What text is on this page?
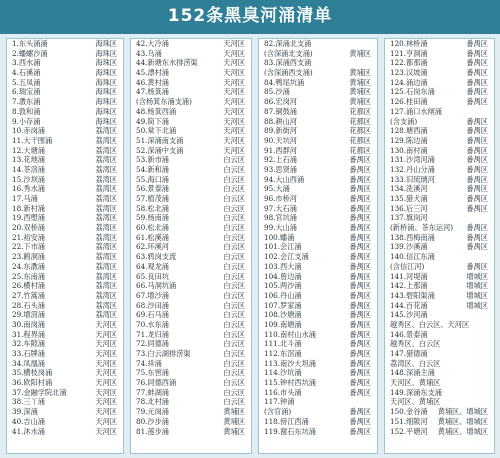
152条黑臭河涌清单
1.东头涌涌	海珠区
2.蟠螺沙涌	海珠区
3.西水涌	海珠区
4.石溪涌	海珠区
5.五凤涌	海珠区
6.瑞宝涌	海珠区
7.漖东涌	海珠区
8.敦和涌	海珠区
9.小存涌	海珠区
10.赤岗涌	荔湾区
11.大干围涌	荔湾区
12.大塘涌	荔湾区
13.花地涌	荔湾区
14.茶滘涌	荔湾区
15.沙坝涌	荔湾区
16.秀水涌	荔湾区
17.马涌	荔湾区
18.新村涌	荔湾区
19.西塱涌	荔湾区
20.双桥涌	荔湾区
21.裕安涌	荔湾区
22.下市涌	荔湾区
23.鹤洞涌	荔湾区
24.东漖涌	荔湾区
25.东南涌	荔湾区
26.横村涌	荔湾区
27.竹篙涌	荔湾区
28.石头涌	荔湾区
29.增滘涌	荔湾区
30.南岗涌	天河区
31.程界涌	天河区
32.车陂涌	天河区
33.石牌涌	天河区
34.凤凰涌	天河区
35.横枝岗涌	天河区
36.欧阳村涌	天河区
37.金融学院北涌	天河区
38.三丫涌	天河区
39.深涌	天河区
40.吉山涌	天河区
41.沐水涌	天河区
42.大冷涌	天河区
43.乌涌	天河区
44.新塘东水排涝渠	天河区
45.漂村涌	天河区
46.黄村涌	天河区
47.杨箕涌	天河区
(含杨箕东涌支涌)	天河区
48.杨箕西涌	天河区
49.简下涌	天河区
50.棠下北涌	天河区
51.深涌南支涌	天河区
52.深涌中支涌	天河区
53.新市涌	白云区
54.新和涌	白云区
55.海口涌	白云区
56.景泰涌	白云区
57.植茂涌	白云区
58.松北涌	白云区
59.杨南涌	白云区
60.松北涌	白云区
61.松溪涌	白云区
62.环溪河	白云区
63.鸦岗支流	白云区
64.观龙涌	白云区
65.良田坑	白云区
66.马洞坑涌	白云区
67.增沙涌	白云区
68.沙田涌	白云区
69.石马涌	白云区
70.水东涌	白云区
71.龙归涌	白云区
72.同德涌	白云区
73.白云湖排涝渠	白云区
74.祥涌	白云区
75.东窖涌	白云区
76.同德西涌	白云区
77.蚌湖涌	白云区
78.北村涌	白云区
79.元岗涌	黄埔区
80.沙步涌	黄埔区
81.莲步涌	黄埔区
82.深涌北支涌
(含深涌北支涌)	黄埔区
83.深涌西支涌
(含深涌西支涌)	黄埔区
84.鸭尾坑涌	黄埔区
85.沙涌	黄埔区
86.宏岗河	黄埔区
87.铜鼓涌	花都区
88.耕山河	花都区
89.新街河	花都区
90.天坑河	花都区
91.西群河	花都区
92.上石涌	番禺区
93.思贤涌	番禺区
94.大山西涌	番禺区
95.大涌	番禺区
96.市桥河	番禺区
97.大石涌	番禺区
98.官坑涌	番禺区
99.大山涌	番禺区
100.蟠涌	番禺区
101.会江涌	番禺区
102.会江支涌	番禺区
103.西大涌	番禺区
104.曾边涌	番禺区
105.两沙涌	番禺区
106.丹山涌	番禺区
107.罗家涌	番禺区
108.沙塘涌	番禺区
109.南塘涌	番禺区
110.南村山水涌	番禺区
111.北斗涌	番禺区
112.东滘涌	番禺区
113.南沙大坦涌	番禺区
114.沙坑涌	番禺区
115.钟村西坑涌	番禺区
116.市头涌	番禺区
117.钟涌
(含官涌)	番禺区
118.傍江西涌	番禺区
119.谢石东坑涌	番禺区
120.林桥涌	番禺区
121.亨洞涌	番禺区
122.都那涌	番禺区
123.汉坡涌	番禺区
124.涌边涌	番禺区
125.石岗东涌	番禺区
126.桂田涌	番禺区
127.涌口水闸涌
(含支涌)	番禺区
128.塘西涌	番禺区
129.陈边涌	番禺区
130.南村涌	番禺区
131.沙湾河涌	番禺区
132.丹山分涌	番禺区
133.旧琉璃河	番禺区
134.洗溪河	番禺区
135.猎犬涌	番禺区
136.后三河	番禺区
137.旗岗河
(新桥涌、茶东运河) 番禺区
138.西梅南涌	番禺区
139.沙溪涌	番禺区
140.信江东涌
(含信江河)	番禺区
141.河堤涌	增城区
142.上那涌	增城区
143.碧阳渠涌	增城区
144.百花涌	增城区
145.沙河涌
越秀区、白云区、天河区
146.景泰涌
越秀区、白云区
147.猎德涌
荔湾区、白云区
148.深涌主涌
天河区、黄埔区
149.深涌东支涌
天河区、黄埔区
150.金谷涌 黄埔区、增城区
151.细陂河 黄埔区、增城区
152.平塘河 黄埔区、增城区
